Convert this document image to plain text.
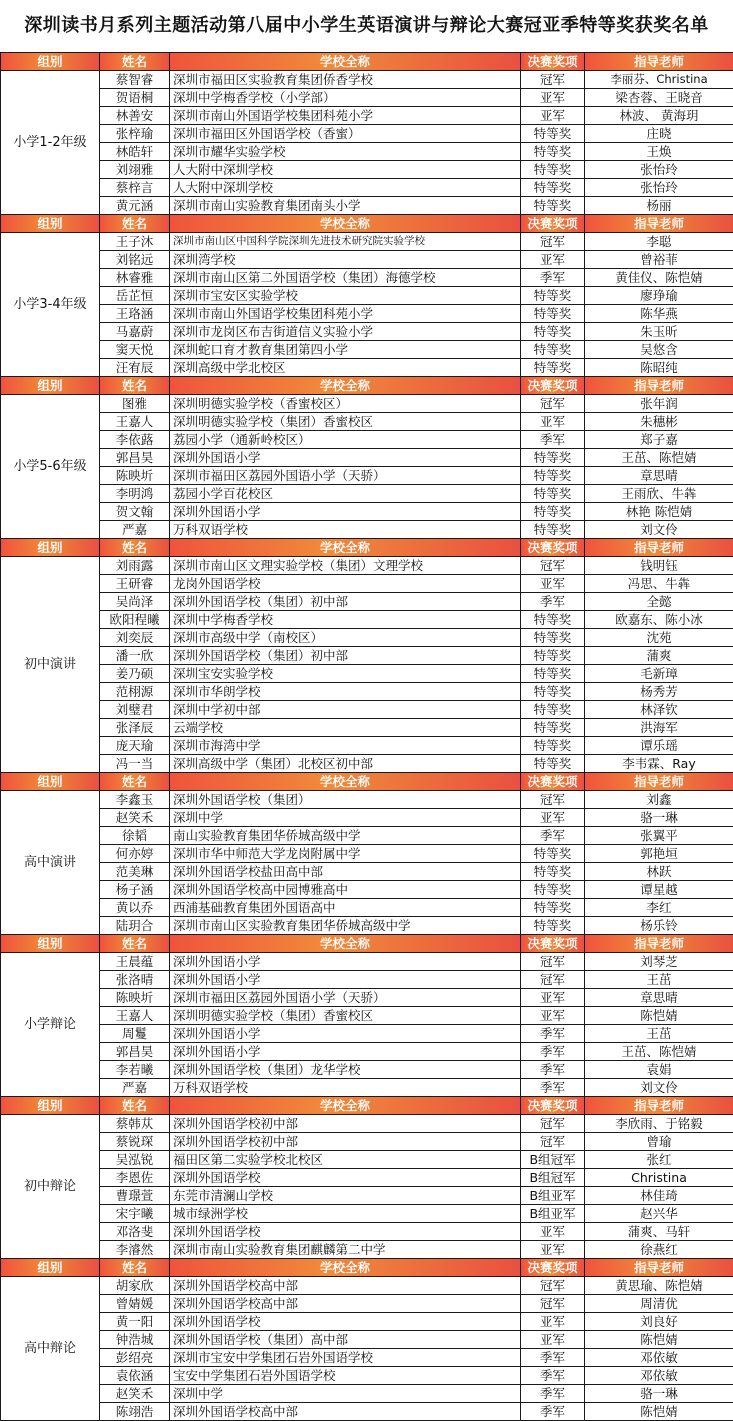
深圳读书月系列主题活动第八届中小学生英语演讲与辩论大赛冠亚季特等奖获奖名单
组别	姓名	学校全称	决赛奖项	指导老师
小学1-2年级	蔡智睿	深圳市福田区实验教育集团侨香学校	冠军	李丽芬、Christina
	贺语桐	深圳中学梅香学校（小学部）	亚军	梁杏蓉、王晓音
	林善安	深圳市南山外国语学校集团科苑小学	亚军	林波、 黄海玥
	张梓瑜	深圳市福田区外国语学校（香蜜）	特等奖	庄晓
	林皓轩	深圳市耀华实验学校	特等奖	王焕
	刘翊雅	人大附中深圳学校	特等奖	张怡玲
	蔡梓言	人大附中深圳学校	特等奖	张怡玲
	黄元涵	深圳市南山实验教育集团南头小学	特等奖	杨丽
组别	姓名	学校全称	决赛奖项	指导老师
小学3-4年级	王子沐	深圳市南山区中国科学院深圳先进技术研究院实验学校	冠军	李聪
	刘铭远	深圳湾学校	亚军	曾裕菲
	林睿雅	深圳市南山区第二外国语学校（集团）海德学校	季军	黄佳仪、陈恺婧
	岳芷恒	深圳市宝安区实验学校	特等奖	廖琤瑜
	王珞涵	深圳市南山外国语学校集团科苑小学	特等奖	陈华燕
	马嘉蔚	深圳市龙岗区布吉街道信义实验小学	特等奖	朱玉昕
	窦天悦	深圳蛇口育才教育集团第四小学	特等奖	吴悠含
	汪宥辰	深圳高级中学北校区	特等奖	陈昭纯
组别	姓名	学校全称	决赛奖项	指导老师
小学5-6年级	图雅	深圳明德实验学校（香蜜校区）	冠军	张年润
	王嘉人	深圳明德实验学校（集团）香蜜校区	亚军	朱穗彬
	李依蕗	荔园小学（通新岭校区）	季军	郑子嘉
	郭昌昊	深圳外国语小学	特等奖	王茁、陈恺婧
	陈映圻	深圳市福田区荔园外国语小学（天骄）	特等奖	章思晴
	李明鸿	荔园小学百花校区	特等奖	王雨欣、牛犇
	贺文翰	深圳外国语小学	特等奖	林艳 陈恺婧
	严嘉	万科双语学校	特等奖	刘文伶
组别	姓名	学校全称	决赛奖项	指导老师
初中演讲	刘雨露	深圳市南山区文理实验学校（集团）文理学校	冠军	钱明钰
	王研睿	龙岗外国语学校	亚军	冯思、牛犇
	吴尚泽	深圳外国语学校（集团）初中部	季军	全懿
	欧阳程曦	深圳中学梅香学校	特等奖	欧嘉东、陈小冰
	刘奕辰	深圳市高级中学（南校区）	特等奖	沈苑
	潘一欣	深圳外国语学校（集团）初中部	特等奖	蒲爽
	姜乃硕	深圳宝安实验学校	特等奖	毛新璋
	范栩源	深圳市华朗学校	特等奖	杨秀芳
	刘璧君	深圳中学初中部	特等奖	林泽钦
	张泽辰	云端学校	特等奖	洪海军
	庞天瑜	深圳市海湾中学	特等奖	谭乐瑶
	冯一当	深圳高级中学（集团）北校区初中部	特等奖	李韦霖、Ray
组别	姓名	学校全称	决赛奖项	指导老师
高中演讲	李鑫玉	深圳外国语学校（集团）	冠军	刘鑫
	赵笑禾	深圳中学	亚军	骆一琳
	徐韬	南山实验教育集团华侨城高级中学	季军	张翼平
	何亦婷	深圳市华中师范大学龙岗附属中学	特等奖	郭艳垣
	范美琳	深圳外国语学校盐田高中部	特等奖	林跃
	杨子涵	深圳外国语学校高中园博雅高中	特等奖	谭星越
	黄以乔	西浦基础教育集团外国语高中	特等奖	李红
	陆玥合	深圳市南山区实验教育集团华侨城高级中学	特等奖	杨乐铃
组别	姓名	学校全称	决赛奖项	指导老师
小学辩论	王晨蕴	深圳外国语小学	冠军	刘琴芝
	张洛晴	深圳外国语小学	冠军	王茁
	陈映圻	深圳市福田区荔园外国语小学（天骄）	亚军	章思晴
	王嘉人	深圳明德实验学校（集团）香蜜校区	亚军	陈恺婧
	周鬘	深圳外国语小学	季军	王茁
	郭昌昊	深圳外国语小学	季军	王茁、陈恺婧
	李若曦	深圳外国语学校（集团）龙华学校	季军	袁娟
	严嘉	万科双语学校	季军	刘文伶
组别	姓名	学校全称	决赛奖项	指导老师
初中辩论	蔡韩苁	深圳外国语学校初中部	冠军	李欣雨、于铭毅
	蔡锐琛	深圳外国语学校初中部	冠军	曾瑜
	吴泓锐	福田区第二实验学校北校区	B组冠军	张红
	李恩佐	深圳外国语学校	B组冠军	Christina
	曹璟萱	东莞市清澜山学校	B组亚军	林佳琦
	宋宇曦	城市绿洲学校	B组亚军	赵兴华
	邓洛斐	深圳外国语学校	亚军	蒲爽、马轩
	李濬然	深圳市南山实验教育集团麒麟第二中学	亚军	徐燕红
组别	姓名	学校全称	决赛奖项	指导老师
高中辩论	胡家欣	深圳外国语学校高中部	冠军	黄思瑜、陈恺婧
	曾婧媛	深圳外国语学校高中部	冠军	周清优
	黄一阳	深圳外国语学校	亚军	刘良好
	钟浩城	深圳外国语学校（集团）高中部	亚军	陈恺婧
	彭绍亮	深圳市宝安中学集团石岩外国语学校	季军	邓依敏
	袁依涵	宝安中学集团石岩外国语学校	季军	邓依敏
	赵笑禾	深圳中学	季军	骆一琳
	陈翊浩	深圳外国语学校高中部	季军	陈恺婧
